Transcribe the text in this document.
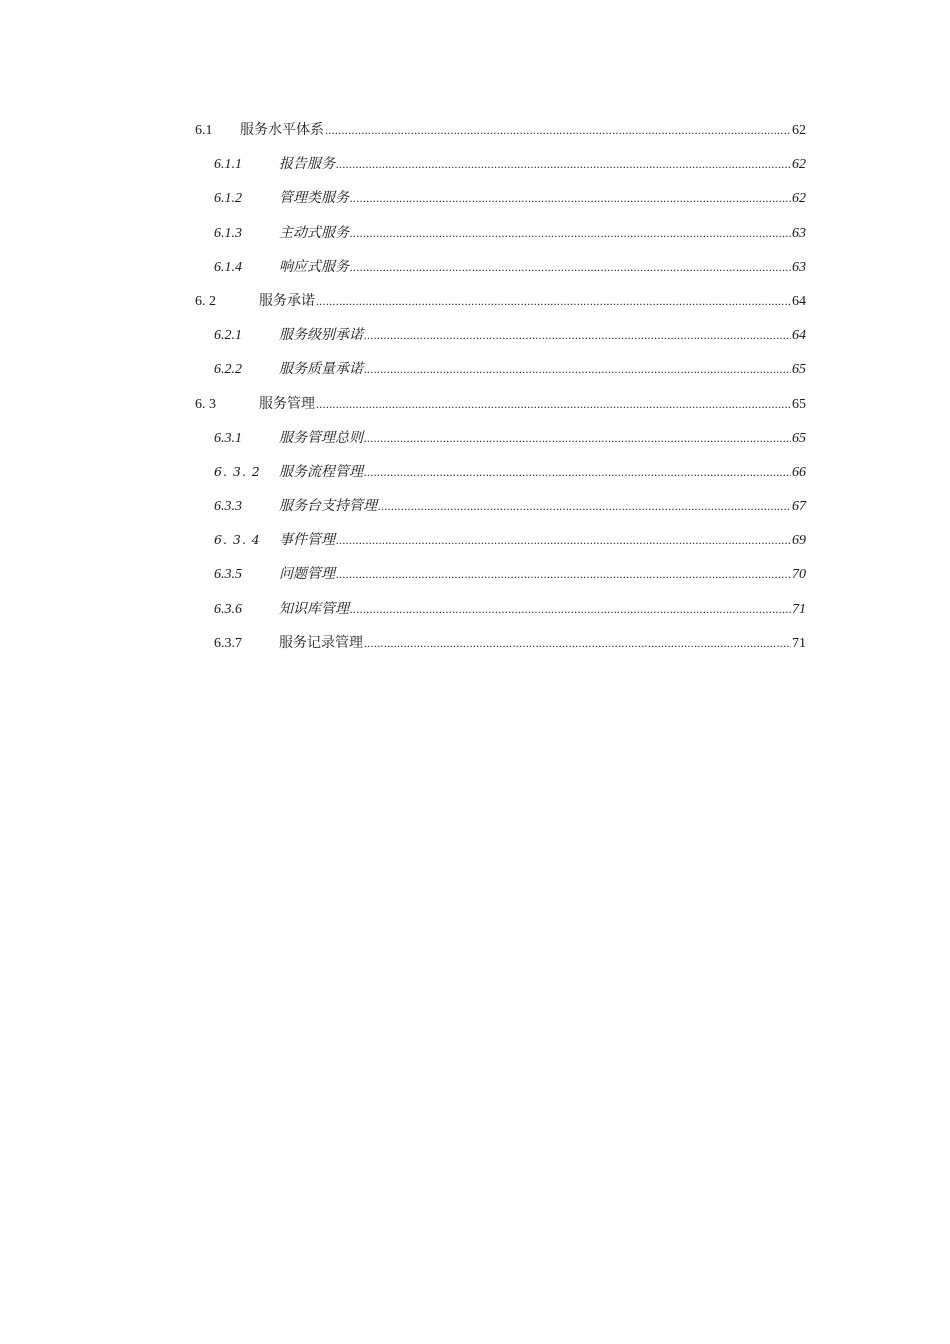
6.1	服务水平体系 .....	62
6.1.1	报告服务 .....	62
6.1.2	管理类服务 .....	62
6.1.3	主动式服务 .....	63
6.1.4	响应式服务 .....	63
6. 2	服务承诺 .....	64
6.2.1	服务级别承诺 .....	64
6.2.2	服务质量承诺 .....	65
6. 3	服务管理 .....	65
6.3.1	服务管理总则 .....	65
6. 3. 2	服务流程管理 .....	66
6.3.3	服务台支持管理 .....	67
6. 3. 4	事件管理 .....	69
6.3.5	问题管理 .....	70
6.3.6	知识库管理 .....	71
6.3.7	服务记录管理 .....	71
